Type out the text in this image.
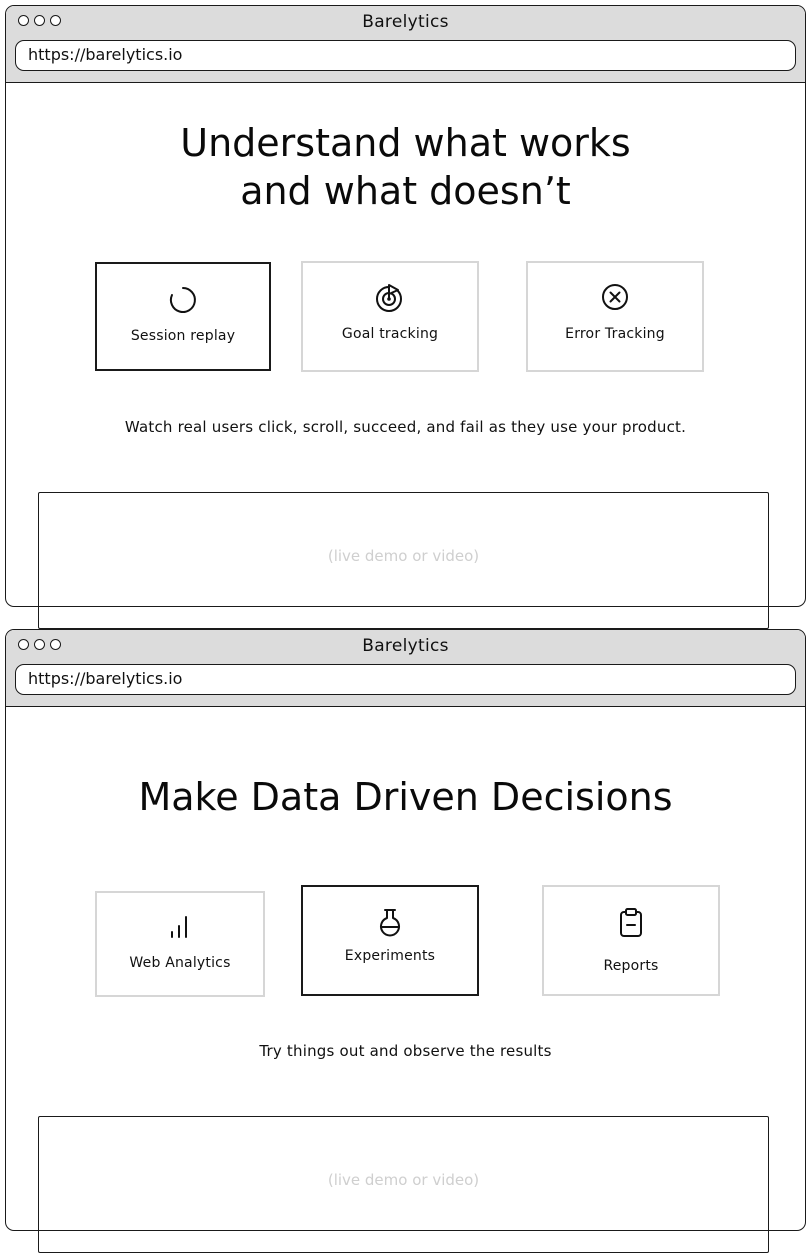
Barelytics
https://barelytics.io
Understand what works
and what doesn’t
Session replay	Goal tracking	Error Tracking
Watch real users click, scroll, succeed, and fail as they use your product.
(live demo or video)
Barelytics
https://barelytics.io
Make Data Driven Decisions
Web Analytics	Experiments
Reports
Try things out and observe the results
(live demo or video)
